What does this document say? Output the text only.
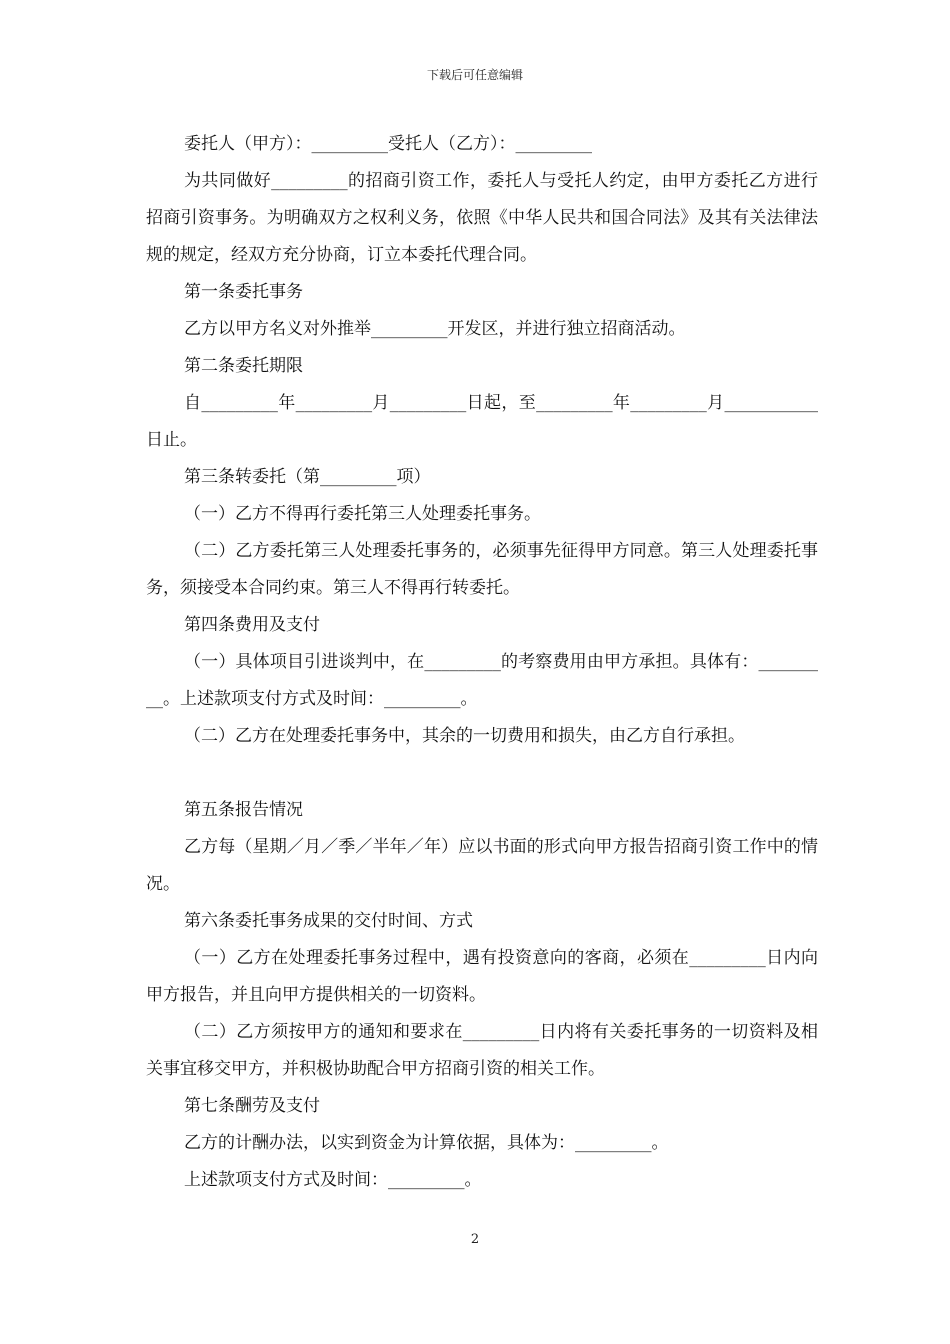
下载后可任意编辑

委托人（甲方）：_________受托人（乙方）：_________

为共同做好_________的招商引资工作，委托人与受托人约定，由甲方委托乙方进行招商引资事务。为明确双方之权利义务，依照《中华人民共和国合同法》及其有关法律法规的规定，经双方充分协商，订立本委托代理合同。

第一条委托事务

乙方以甲方名义对外推举_________开发区，并进行独立招商活动。

第二条委托期限

自_________年_________月_________日起，至_________年_________月___________日止。

第三条转委托（第_________项）

（一）乙方不得再行委托第三人处理委托事务。

（二）乙方委托第三人处理委托事务的，必须事先征得甲方同意。第三人处理委托事务，须接受本合同约束。第三人不得再行转委托。

第四条费用及支付

（一）具体项目引进谈判中，在_________的考察费用由甲方承担。具体有：_________。上述款项支付方式及时间：_________。

（二）乙方在处理委托事务中，其余的一切费用和损失，由乙方自行承担。

第五条报告情况

乙方每（星期／月／季／半年／年）应以书面的形式向甲方报告招商引资工作中的情况。

第六条委托事务成果的交付时间、方式

（一）乙方在处理委托事务过程中，遇有投资意向的客商，必须在_________日内向甲方报告，并且向甲方提供相关的一切资料。

（二）乙方须按甲方的通知和要求在_________日内将有关委托事务的一切资料及相关事宜移交甲方，并积极协助配合甲方招商引资的相关工作。

第七条酬劳及支付

乙方的计酬办法，以实到资金为计算依据，具体为：_________。

上述款项支付方式及时间：_________。

2
